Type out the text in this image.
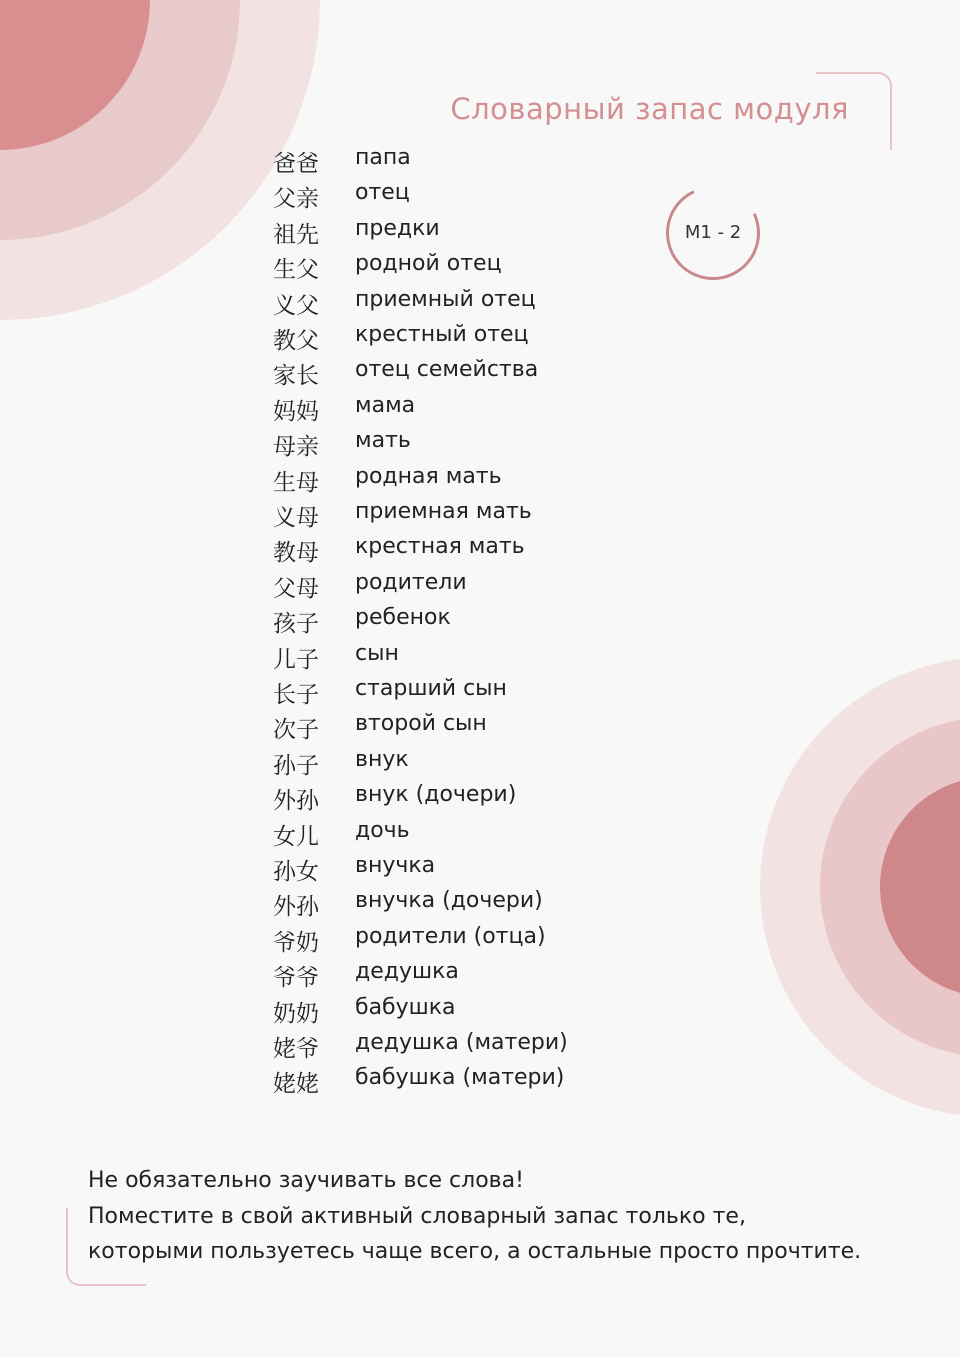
Словарный запас модуля
M1 - 2
爸爸 папа
父亲 отец
祖先 предки
生父 родной отец
义父 приемный отец
教父 крестный отец
家长 отец семейства
妈妈 мама
母亲 мать
生母 родная мать
义母 приемная мать
教母 крестная мать
父母 родители
孩子 ребенок
儿子 сын
长子 старший сын
次子 второй сын
孙子 внук
外孙 внук (дочери)
女儿 дочь
孙女 внучка
外孙 внучка (дочери)
爷奶 родители (отца)
爷爷 дедушка
奶奶 бабушка
姥爷 дедушка (матери)
姥姥 бабушка (матери)
Не обязательно заучивать все слова!
Поместите в свой активный словарный запас только те,
которыми пользуетесь чаще всего, а остальные просто прочтите.
